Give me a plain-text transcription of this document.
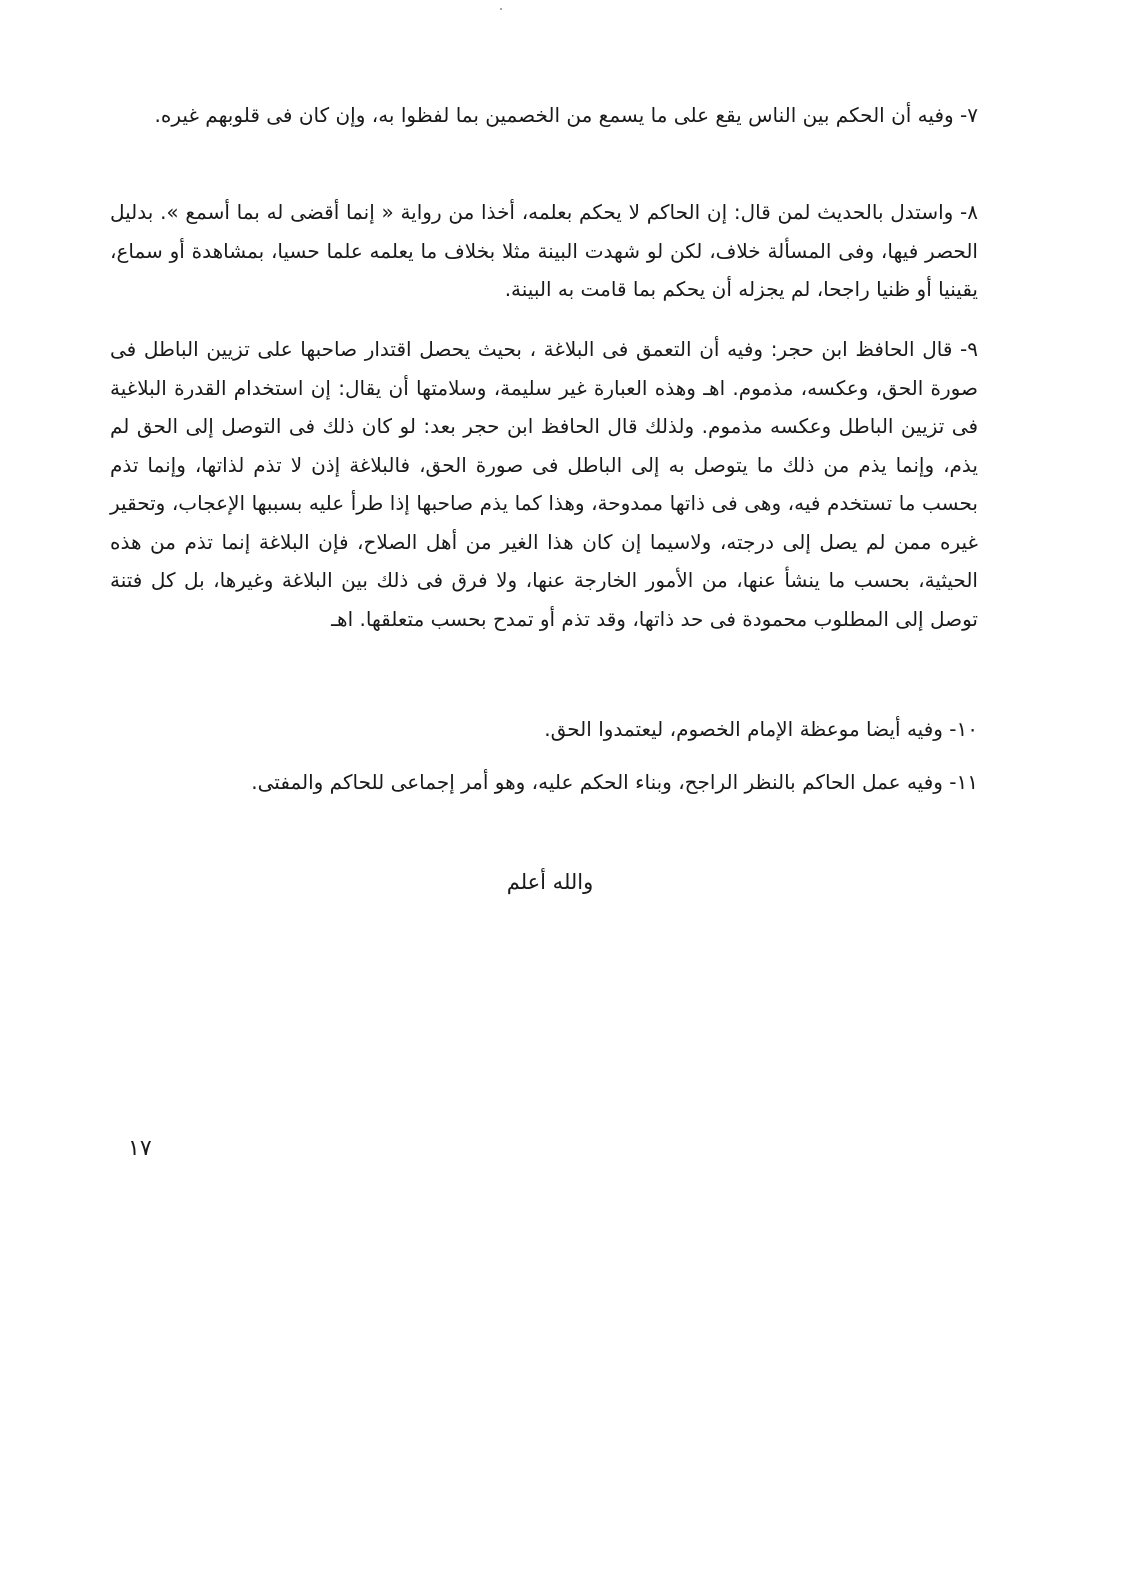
٧- وفيه أن الحكم بين الناس يقع على ما يسمع من الخصمين بما لفظوا به، وإن كان فى قلوبهم غيره.

٨- واستدل بالحديث لمن قال: إن الحاكم لا يحكم بعلمه، أخذا من رواية « إنما أقضى له بما أسمع ». بدليل الحصر فيها، وفى المسألة خلاف، لكن لو شهدت البينة مثلا بخلاف ما يعلمه علما حسيا، بمشاهدة أو سماع، يقينيا أو ظنيا راجحا، لم يجزله أن يحكم بما قامت به البينة.

٩- قال الحافظ ابن حجر: وفيه أن التعمق فى البلاغة ، بحيث يحصل اقتدار صاحبها على تزيين الباطل فى صورة الحق، وعكسه، مذموم. اهـ وهذه العبارة غير سليمة، وسلامتها أن يقال: إن استخدام القدرة البلاغية فى تزيين الباطل وعكسه مذموم. ولذلك قال الحافظ ابن حجر بعد: لو كان ذلك فى التوصل إلى الحق لم يذم، وإنما يذم من ذلك ما يتوصل به إلى الباطل فى صورة الحق، فالبلاغة إذن لا تذم لذاتها، وإنما تذم بحسب ما تستخدم فيه، وهى فى ذاتها ممدوحة، وهذا كما يذم صاحبها إذا طرأ عليه بسببها الإعجاب، وتحقير غيره ممن لم يصل إلى درجته، ولاسيما إن كان هذا الغير من أهل الصلاح، فإن البلاغة إنما تذم من هذه الحيثية، بحسب ما ينشأ عنها، من الأمور الخارجة عنها، ولا فرق فى ذلك بين البلاغة وغيرها، بل كل فتنة توصل إلى المطلوب محمودة فى حد ذاتها، وقد تذم أو تمدح بحسب متعلقها. اهـ

١٠- وفيه أيضا موعظة الإمام الخصوم، ليعتمدوا الحق.

١١- وفيه عمل الحاكم بالنظر الراجح، وبناء الحكم عليه، وهو أمر إجماعى للحاكم والمفتى.

والله أعلم
١٧
